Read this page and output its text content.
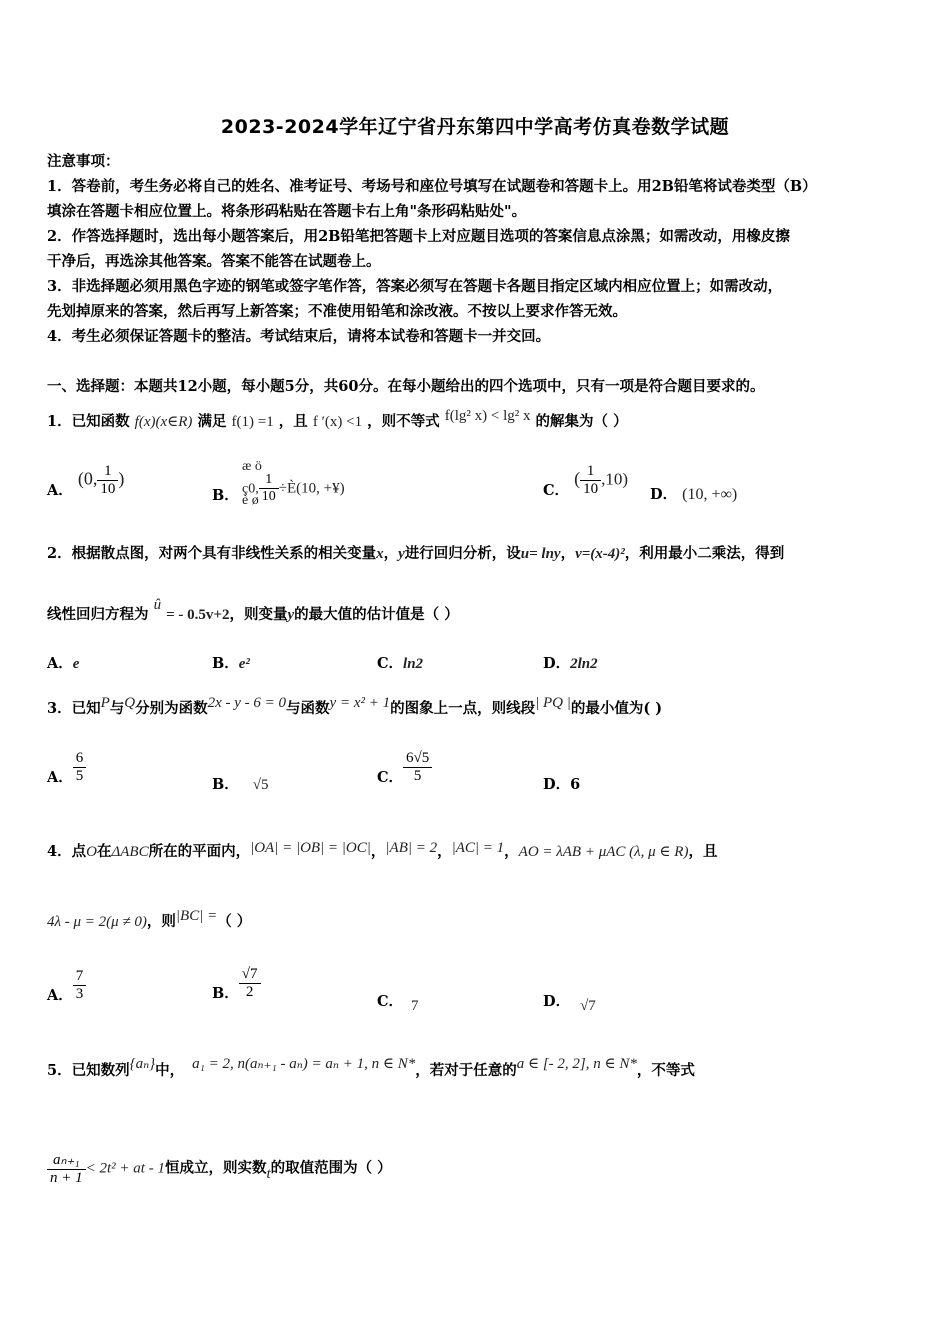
2023-2024学年辽宁省丹东第四中学高考仿真卷数学试题
注意事项：
1．答卷前，考生务必将自己的姓名、准考证号、考场号和座位号填写在试题卷和答题卡上。用2B铅笔将试卷类型（B）
填涂在答题卡相应位置上。将条形码粘贴在答题卡右上角"条形码粘贴处"。
2．作答选择题时，选出每小题答案后，用2B铅笔把答题卡上对应题目选项的答案信息点涂黑；如需改动，用橡皮擦
干净后，再选涂其他答案。答案不能答在试题卷上。
3．非选择题必须用黑色字迹的钢笔或签字笔作答，答案必须写在答题卡各题目指定区域内相应位置上；如需改动，
先划掉原来的答案，然后再写上新答案；不准使用铅笔和涂改液。不按以上要求作答无效。
4．考生必须保证答题卡的整洁。考试结束后，请将本试卷和答题卡一并交回。
一、选择题：本题共12小题，每小题5分，共60分。在每小题给出的四个选项中，只有一项是符合题目要求的。
1．已知函数 f(x)(x∈R) 满足 f(1) =1 ，且 f ′(x) <1 ，则不等式 f(lg² x) < lg² x 的解集为（ ）
A． (0, $\frac{1}{10}$ )
B．
æ ö
ç0, $\frac{1}{10}$ ÷È(10, +¥)
è ø
C． ( $\frac{1}{10} ,10$)
D． (10, +∞)
2．根据散点图，对两个具有非线性关系的相关变量x，y进行回归分析，设u= lny，v=(x-4)²，利用最小二乘法，得到
线性回归方程为 û = - 0.5v+2，则变量y的最大值的估计值是（ ）
A．e	B．e²	C．ln2	D．2ln2
3．已知P与Q分别为函数2x - y - 6 = 0与函数y = x² + 1的图象上一点，则线段| PQ |的最小值为( )
A． $\frac{6}{5}$	B． √5	C． $\frac{6√5}{5}$	D．6
4．点O在ΔABC所在的平面内，|OA| = |OB| = |OC|，|AB| = 2，|AC| = 1，AO = λAB + μAC (λ, μ ∈ R)，且
4λ - μ = 2(μ ≠ 0)，则|BC| =（ ）
A． $\frac{7}{3}$	B． $\frac{√7}{2}$
C． 7	D． √7
5．已知数列{aₙ}中， a₁ = 2, n(aₙ₊₁ - aₙ) = aₙ + 1, n ∈ N*，若对于任意的a ∈ [- 2, 2], n ∈ N*，不等式
$\frac{\text{aₙ₊₁}}{n + 1} < 2t^2$ + at - 1恒成立，则实数t的取值范围为（ ）
